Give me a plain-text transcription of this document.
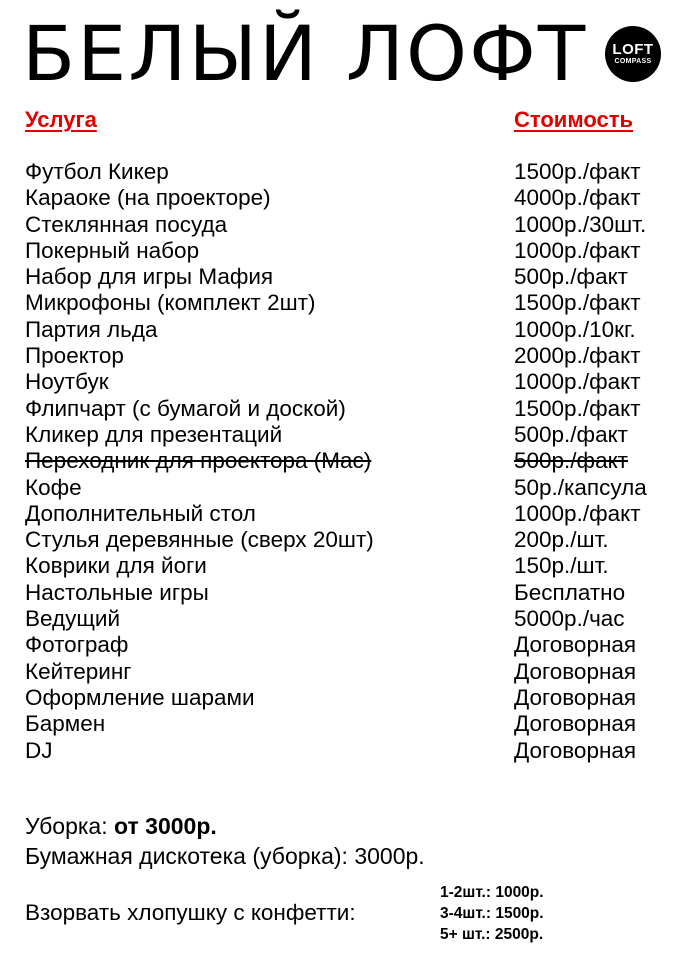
БЕЛЫЙ ЛОФТ LOFT
COMPASS
Услуга	Стоимость
Футбол Кикер	1500р./факт
Караоке (на проекторе)	4000р./факт
Стеклянная посуда	1000р./30шт.
Покерный набор	1000р./факт
Набор для игры Мафия	500р./факт
Микрофоны (комплект 2шт)	1500р./факт
Партия льда	1000р./10кг.
Проектор	2000р./факт
Ноутбук	1000р./факт
Флипчарт (с бумагой и доской)	1500р./факт
Кликер для презентаций	500р./факт
Переходник для проектора (Mac)	500р./факт
Кофе	50р./капсула
Дополнительный стол	1000р./факт
Стулья деревянные (сверх 20шт)	200р./шт.
Коврики для йоги	150р./шт.
Настольные игры	Бесплатно
Ведущий	5000р./час
Фотограф	Договорная
Кейтеринг	Договорная
Оформление шарами	Договорная
Бармен	Договорная
DJ	Договорная
Уборка: от 3000р.
Бумажная дискотека (уборка): 3000р.
Взорвать хлопушку с конфетти:
1-2шт.: 1000р.
3-4шт.: 1500р.
5+ шт.: 2500р.
